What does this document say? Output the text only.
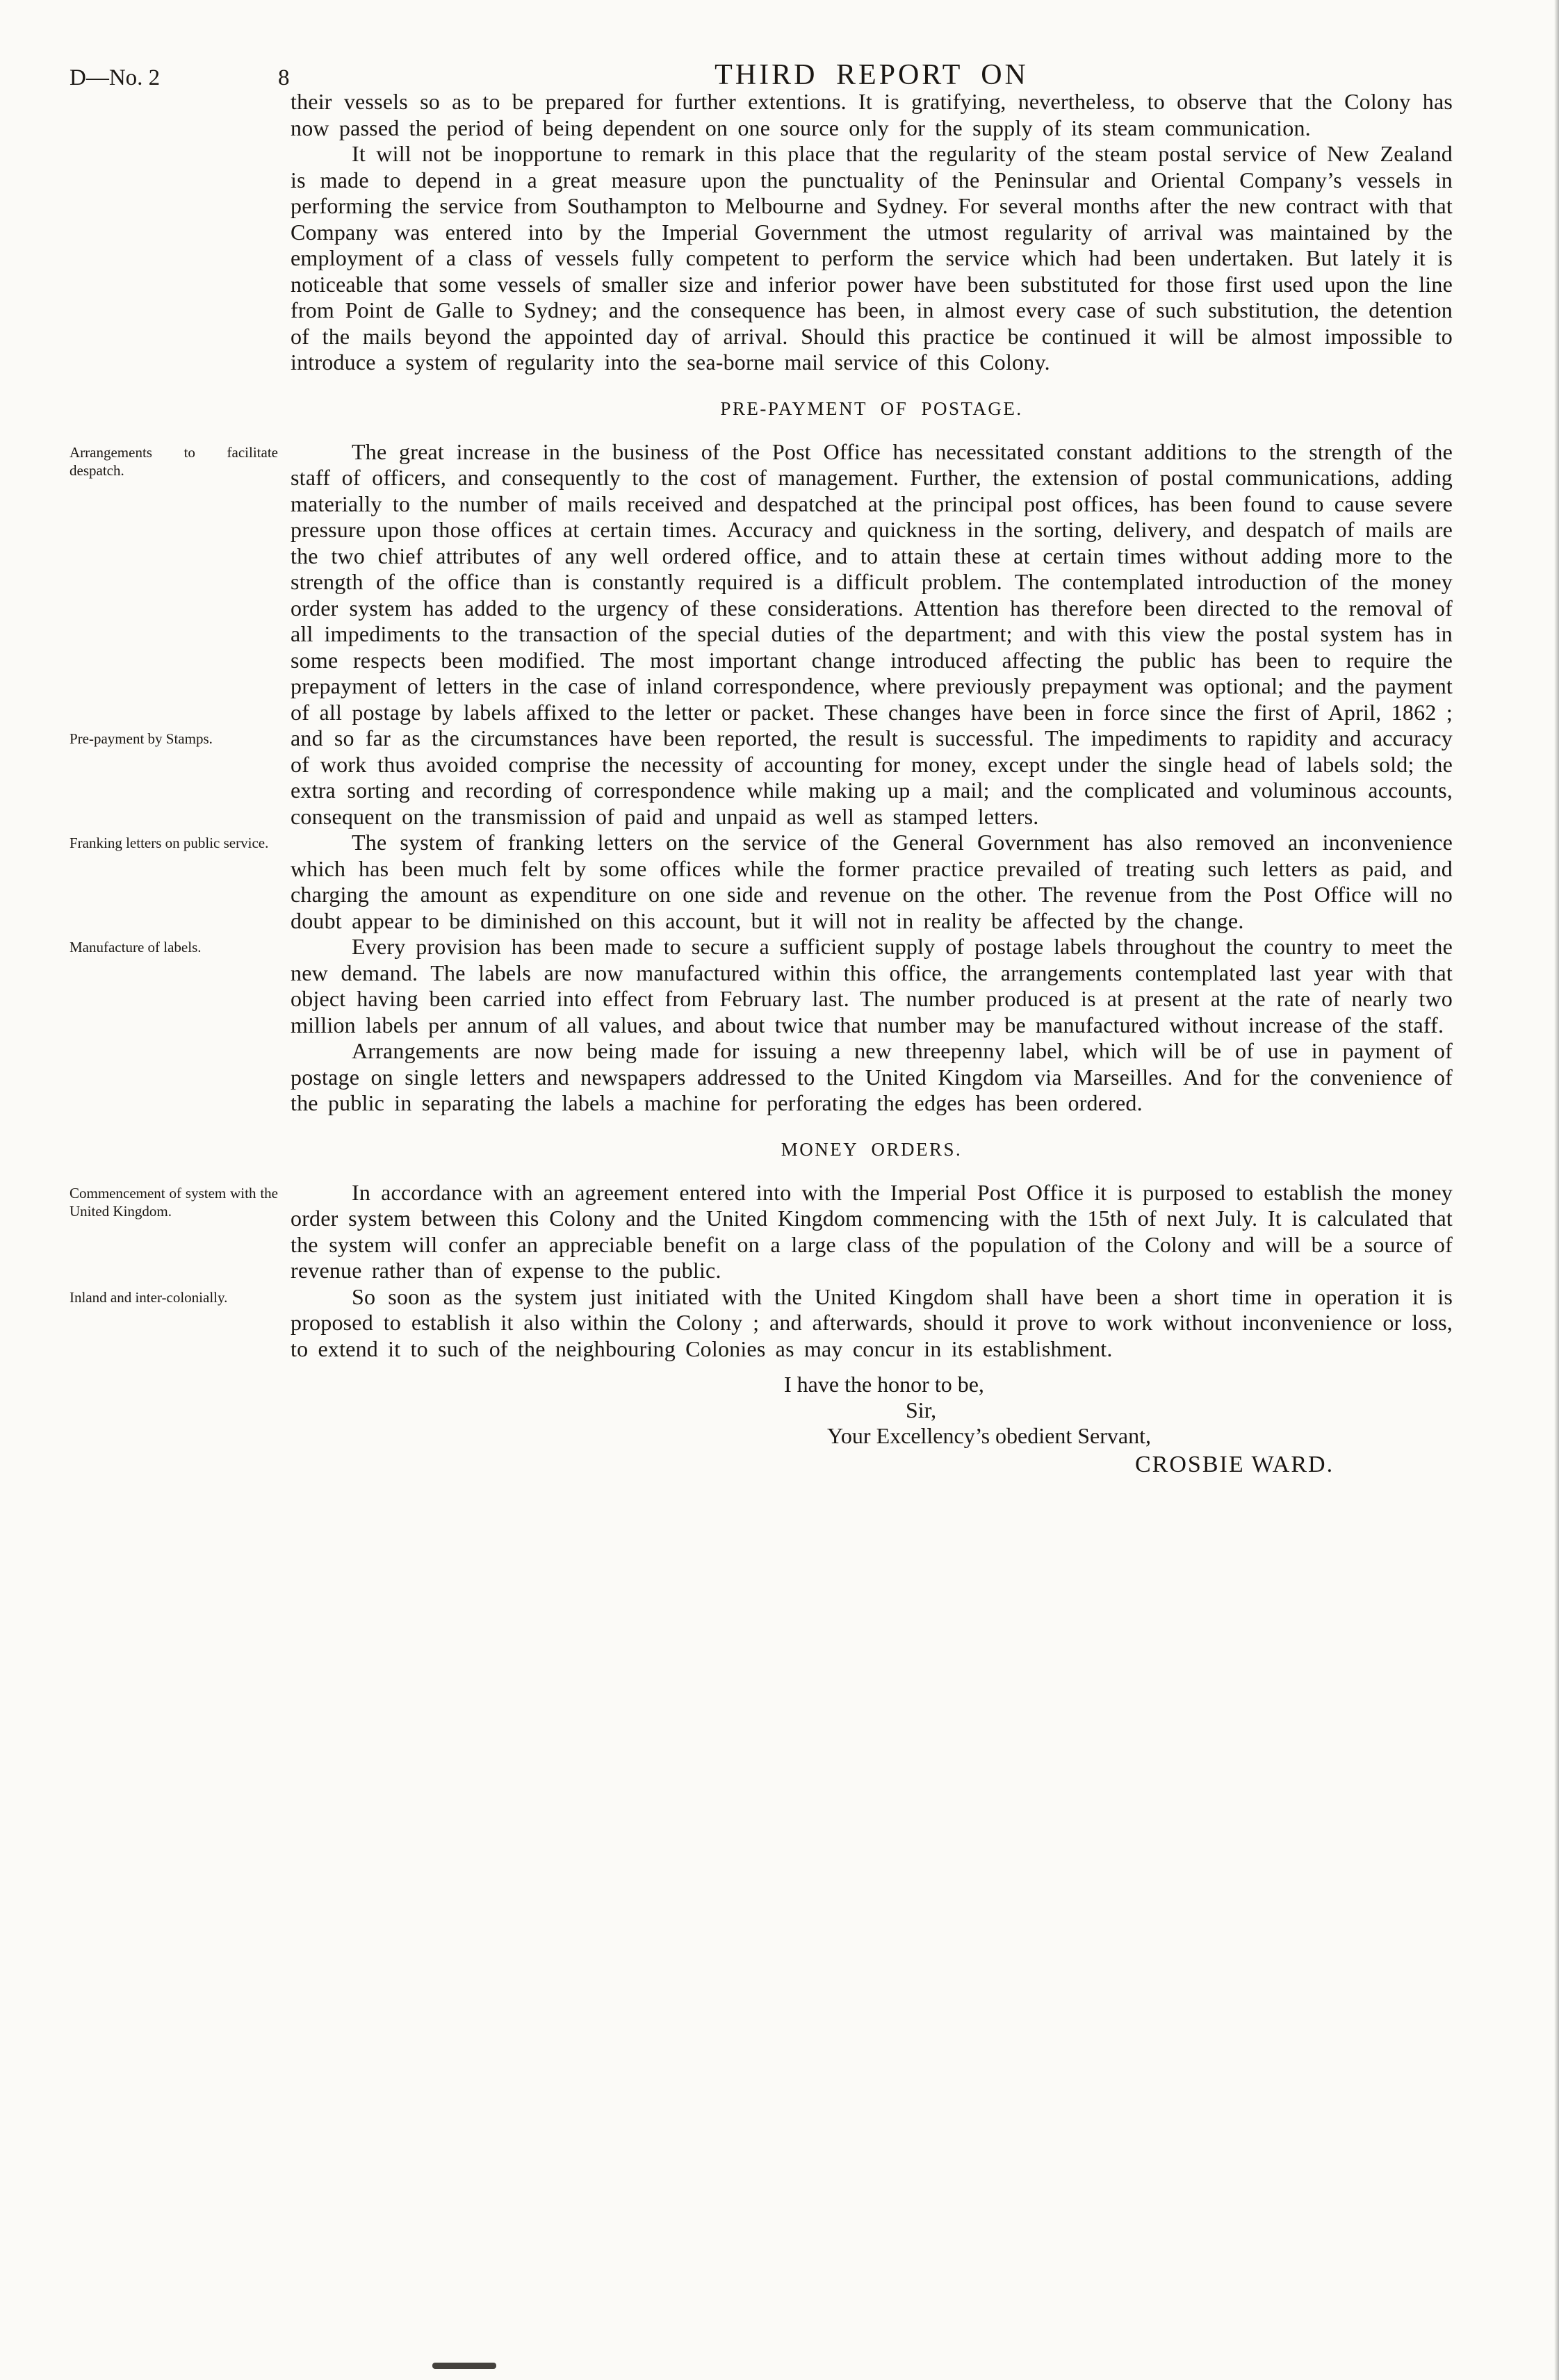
D—No. 2	8	THIRD REPORT ON

their vessels so as to be prepared for further extentions. It is gratifying, nevertheless, to observe that the Colony has now passed the period of being dependent on one source only for the supply of its steam communication.

It will not be inopportune to remark in this place that the regularity of the steam postal service of New Zealand is made to depend in a great measure upon the punctuality of the Peninsular and Oriental Company’s vessels in performing the service from Southampton to Melbourne and Sydney. For several months after the new contract with that Company was entered into by the Imperial Government the utmost regularity of arrival was maintained by the employment of a class of vessels fully competent to perform the service which had been undertaken. But lately it is noticeable that some vessels of smaller size and inferior power have been substituted for those first used upon the line from Point de Galle to Sydney; and the consequence has been, in almost every case of such substitution, the detention of the mails beyond the appointed day of arrival. Should this practice be continued it will be almost impossible to introduce a system of regularity into the sea-borne mail service of this Colony.

PRE-PAYMENT OF POSTAGE.
Arrangements to facilitate despatch.
Pre-payment by Stamps.

The great increase in the business of the Post Office has necessitated constant additions to the strength of the staff of officers, and consequently to the cost of management. Further, the extension of postal communications, adding materially to the number of mails received and despatched at the principal post offices, has been found to cause severe pressure upon those offices at certain times. Accuracy and quickness in the sorting, delivery, and despatch of mails are the two chief attributes of any well ordered office, and to attain these at certain times without adding more to the strength of the office than is constantly required is a difficult problem. The contemplated introduction of the money order system has added to the urgency of these considerations. Attention has therefore been directed to the removal of all impediments to the transaction of the special duties of the department; and with this view the postal system has in some respects been modified. The most important change introduced affecting the public has been to require the prepayment of letters in the case of inland correspondence, where previously prepayment was optional; and the payment of all postage by labels affixed to the letter or packet. These changes have been in force since the first of April, 1862 ; and so far as the circumstances have been reported, the result is successful. The impediments to rapidity and accuracy of work thus avoided comprise the necessity of accounting for money, except under the single head of labels sold; the extra sorting and recording of correspondence while making up a mail; and the complicated and voluminous accounts, consequent on the transmission of paid and unpaid as well as stamped letters.

Franking letters on public service.	The system of franking letters on the service of the General Government has also removed an inconvenience which has been much felt by some offices while the former practice prevailed of treating such letters as paid, and charging the amount as expenditure on one side and revenue on the other. The revenue from the Post Office will no doubt appear to be diminished on this account, but it will not in reality be affected by the change.

Manufacture of labels.	Every provision has been made to secure a sufficient supply of postage labels throughout the country to meet the new demand. The labels are now manufactured within this office, the arrangements contemplated last year with that object having been carried into effect from February last. The number produced is at present at the rate of nearly two million labels per annum of all values, and about twice that number may be manufactured without increase of the staff.

Arrangements are now being made for issuing a new threepenny label, which will be of use in payment of postage on single letters and newspapers addressed to the United Kingdom via Marseilles. And for the convenience of the public in separating the labels a machine for perforating the edges has been ordered.

MONEY ORDERS.
Commencement of system with the United Kingdom.

In accordance with an agreement entered into with the Imperial Post Office it is purposed to establish the money order system between this Colony and the United Kingdom commencing with the 15th of next July. It is calculated that the system will confer an appreciable benefit on a large class of the population of the Colony and will be a source of revenue rather than of expense to the public.

Inland and inter-colonially.	So soon as the system just initiated with the United Kingdom shall have been a short time in operation it is proposed to establish it also within the Colony ; and afterwards, should it prove to work without inconvenience or loss, to extend it to such of the neighbouring Colonies as may concur in its establishment.

I have the honor to be,
Sir,
Your Excellency’s obedient Servant,
CROSBIE WARD.
